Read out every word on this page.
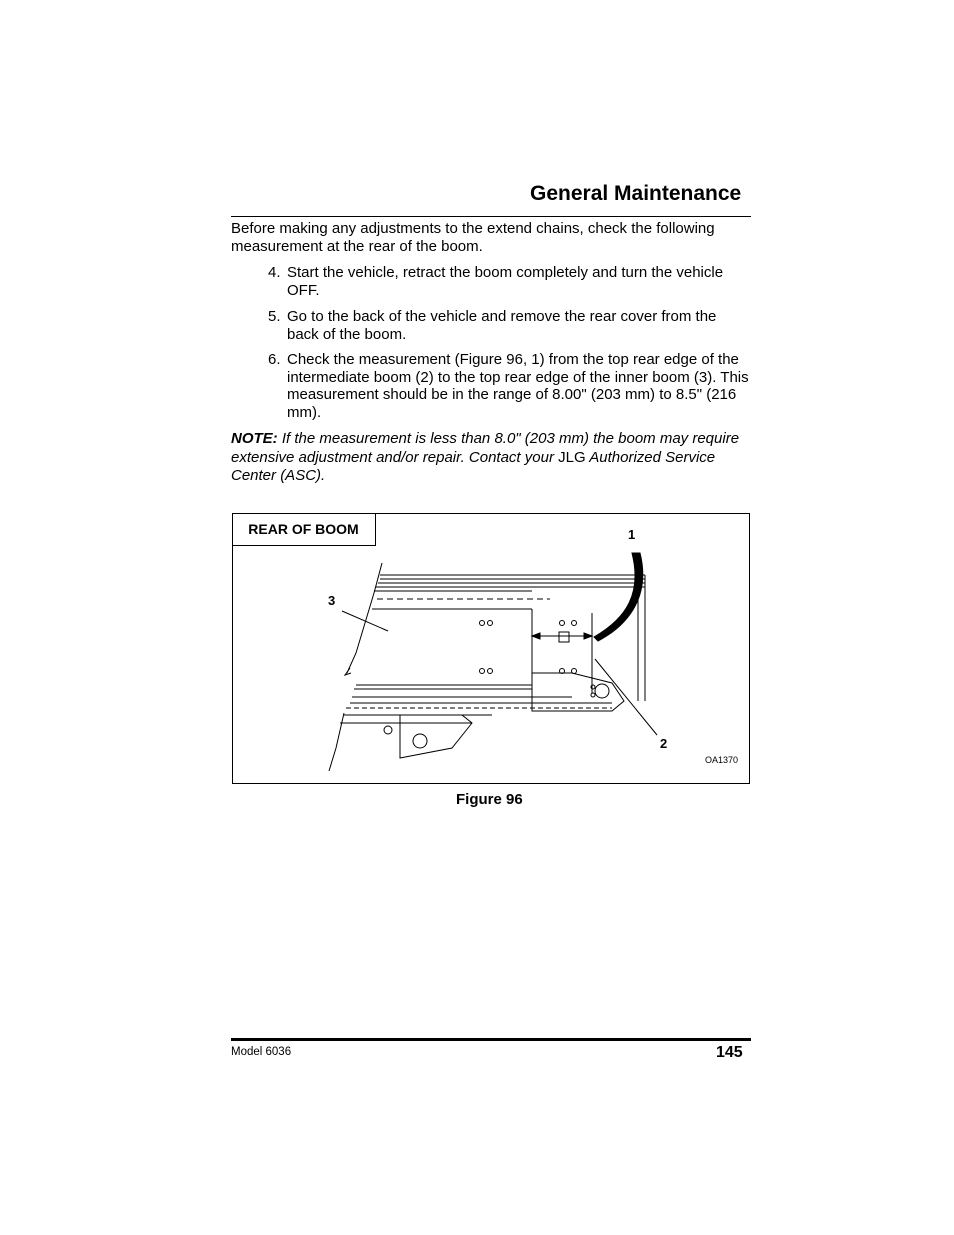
General Maintenance
Before making any adjustments to the extend chains, check the following measurement at the rear of the boom.
4. Start the vehicle, retract the boom completely and turn the vehicle OFF.
5. Go to the back of the vehicle and remove the rear cover from the back of the boom.
6. Check the measurement (Figure 96, 1) from the top rear edge of the intermediate boom (2) to the top rear edge of the inner boom (3). This measurement should be in the range of 8.00" (203 mm) to 8.5" (216 mm).
NOTE: If the measurement is less than 8.0" (203 mm) the boom may require extensive adjustment and/or repair. Contact your JLG Authorized Service Center (ASC).
REAR OF BOOM	1
2
3
OA1370
Figure 96
Model 6036	145
